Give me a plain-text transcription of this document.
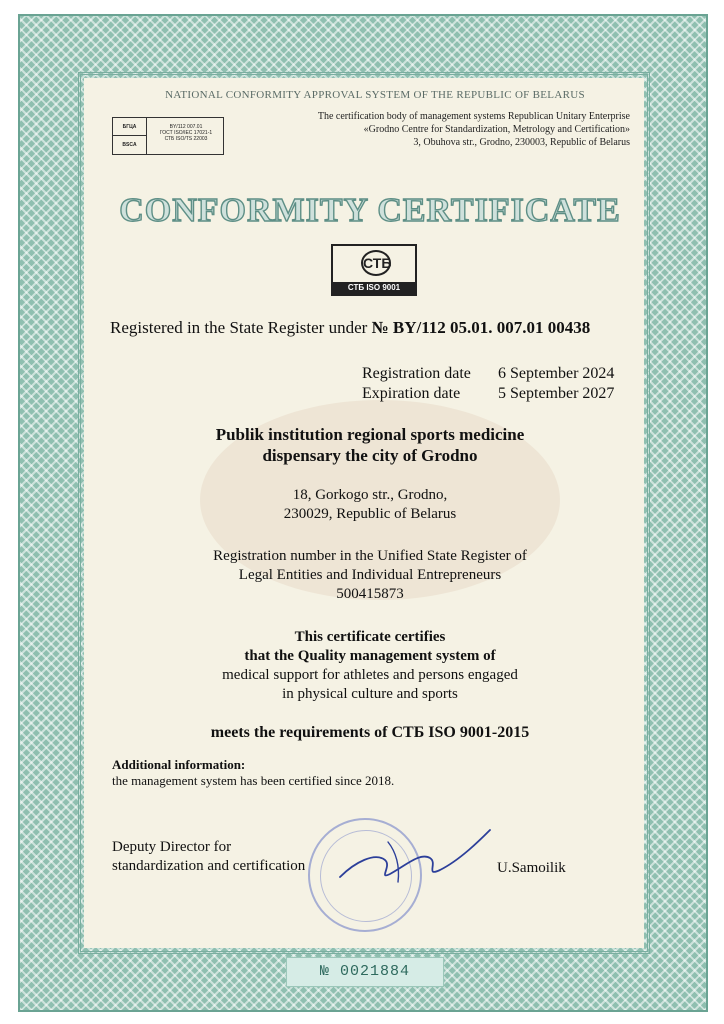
NATIONAL CONFORMITY APPROVAL SYSTEM OF THE REPUBLIC OF BELARUS
БГЦА
BSCA
BY/112 007.01
ГОСТ ISO/IEC 17021-1
СТБ ISO/TS 22003
The certification body of management systems Republican Unitary Enterprise
«Grodno Centre for Standardization, Metrology and Certification»
3, Obuhova str., Grodno, 230003, Republic of Belarus
CONFORMITY CERTIFICATE
СТБ
СТБ ISO 9001
Registered in the State Register under № BY/112 05.01. 007.01 00438
Registration date 6 September 2024
Expiration date 5 September 2027
Publik institution regional sports medicine
dispensary the city of Grodno
18, Gorkogo str., Grodno,
230029, Republic of Belarus
Registration number in the Unified State Register of
Legal Entities and Individual Entrepreneurs
500415873
This certificate certifies
that the Quality management system of
medical support for athletes and persons engaged
in physical culture and sports
meets the requirements of СТБ ISO 9001-2015
Additional information:
the management system has been certified since 2018.
Deputy Director for
standardization and certification	U.Samoilik
№ 0021884
